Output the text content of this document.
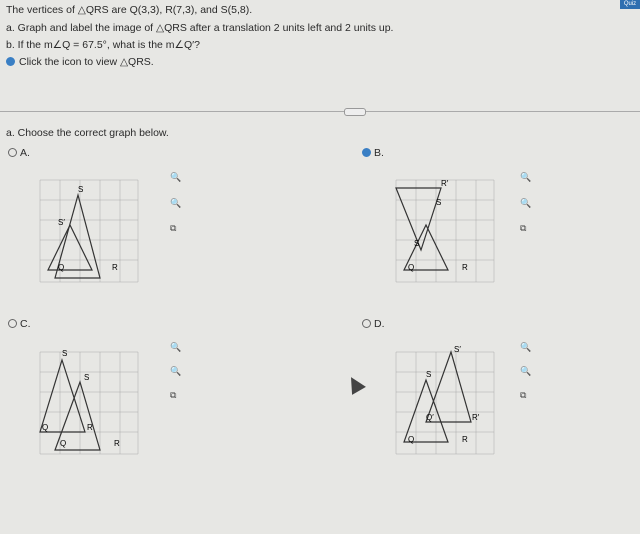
Quiz
The vertices of △QRS are Q(3,3), R(7,3), and S(5,8).
a. Graph and label the image of △QRS after a translation 2 units left and 2 units up.
b. If the m∠Q = 67.5°, what is the m∠Q′?
Click the icon to view △QRS.
a. Choose the correct graph below.
A.
S
S′
Q	R
🔍
🔍
⧉
B.
R′
S
S
Q	R
🔍
🔍
⧉
C.
S
S
Q	R
Q	R
🔍
🔍
⧉
D.
S′
S
Q′	R′
Q	R
🔍
🔍
⧉
